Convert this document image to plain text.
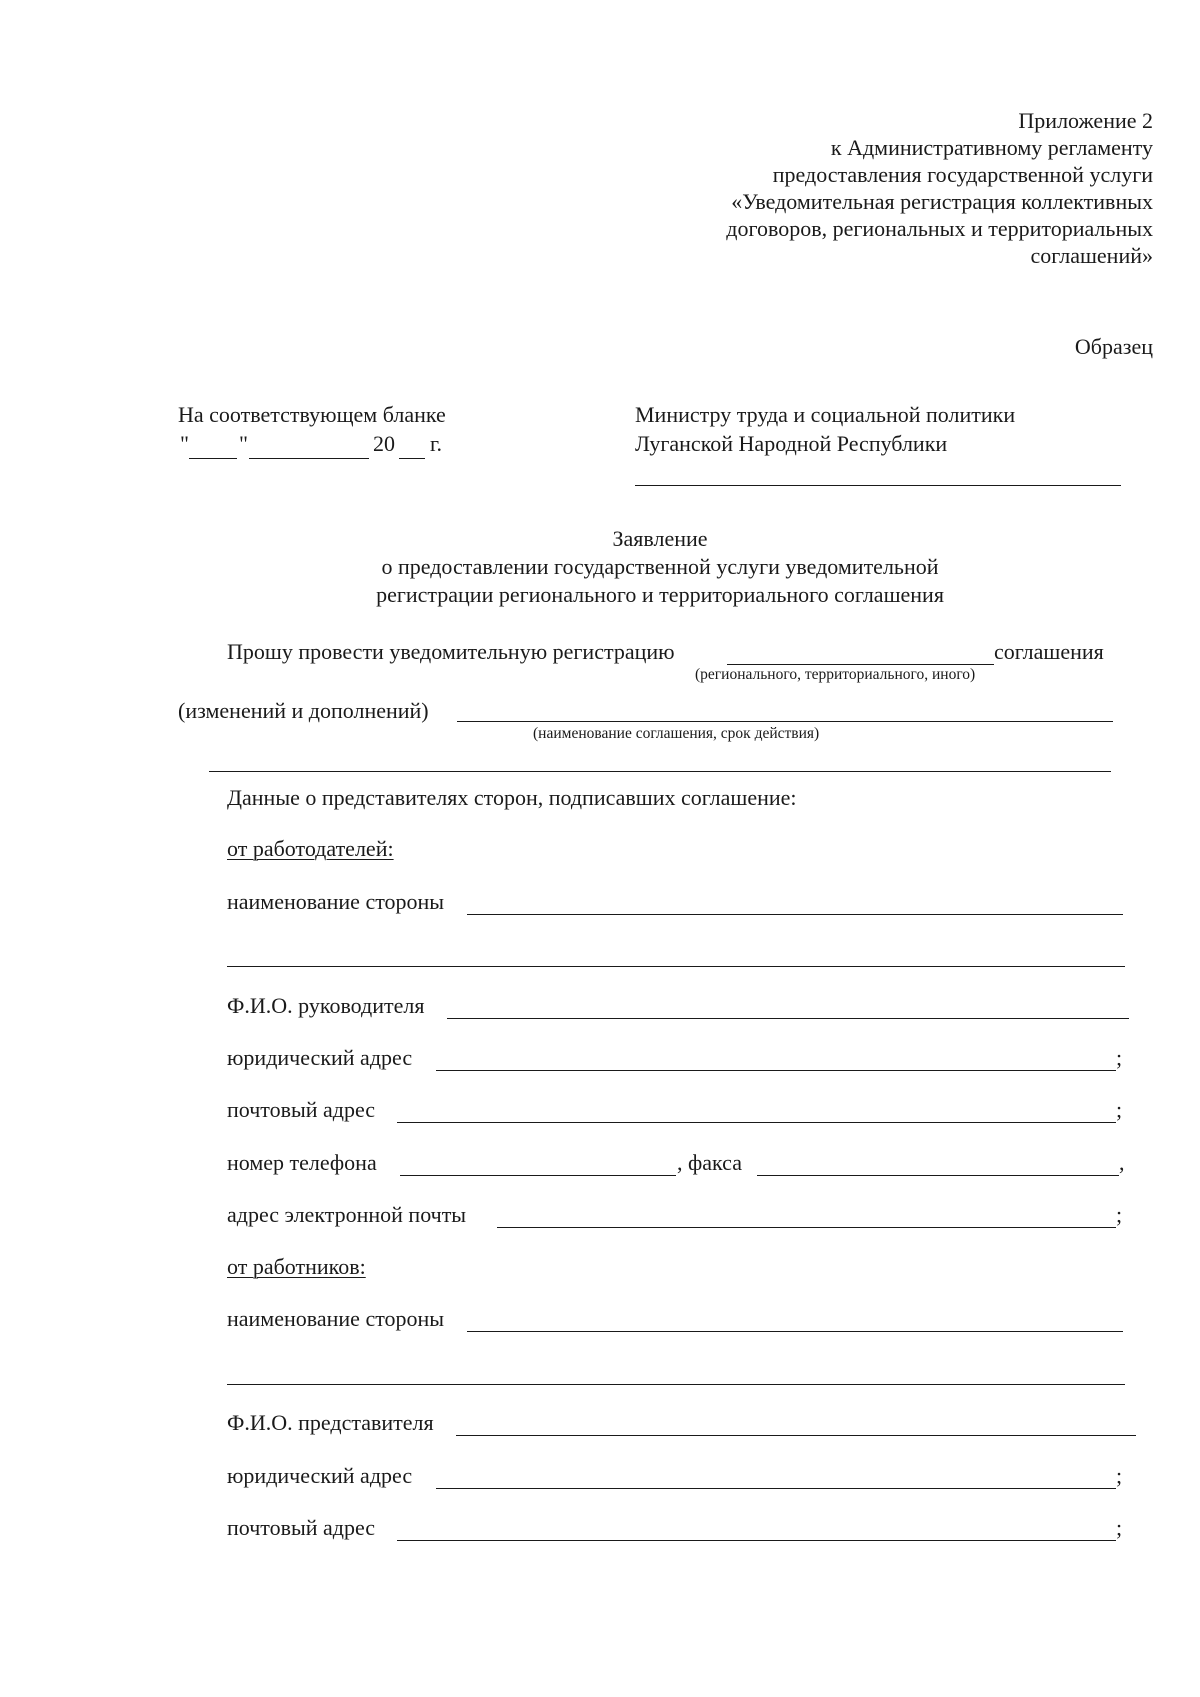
Приложение 2
к Административному регламенту
предоставления государственной услуги
«Уведомительная регистрация коллективных
договоров, региональных и территориальных
соглашений»
Образец
На соответствующем бланке
" "	20 г.
Министру труда и социальной политики
Луганской Народной Республики
Заявление
о предоставлении государственной услуги уведомительной
регистрации регионального и территориального соглашения
Прошу провести уведомительную регистрацию	соглашения
(регионального, территориального, иного)
(изменений и дополнений)
(наименование соглашения, срок действия)
Данные о представителях сторон, подписавших соглашение:
от работодателей:
наименование стороны
Ф.И.О. руководителя
юридический адрес	;
почтовый адрес	;
номер телефона	, факса	,
адрес электронной почты	;
от работников:
наименование стороны
Ф.И.О. представителя
юридический адрес	;
почтовый адрес	;
